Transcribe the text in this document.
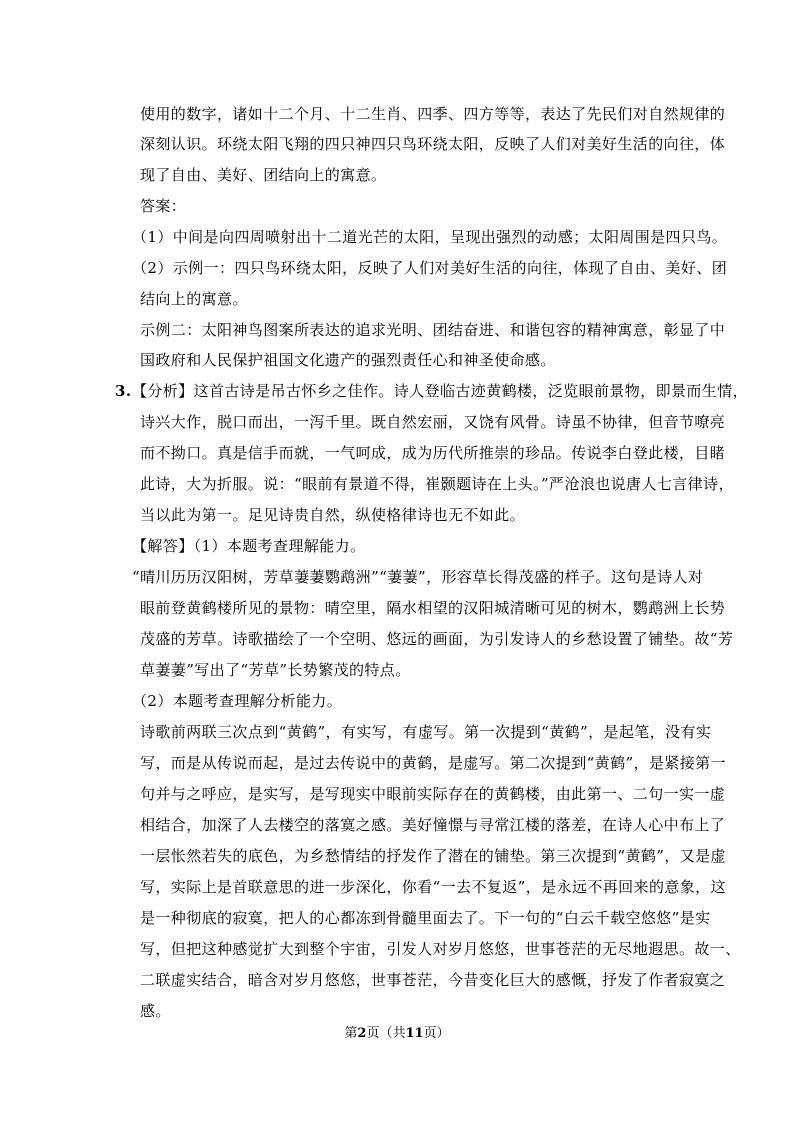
使用的数字，诸如十二个月、十二生肖、四季、四方等等，表达了先民们对自然规律的
深刻认识。环绕太阳飞翔的四只神四只鸟环绕太阳，反映了人们对美好生活的向往，体
现了自由、美好、团结向上的寓意。
答案：
（1）中间是向四周喷射出十二道光芒的太阳，呈现出强烈的动感；太阳周围是四只鸟。
（2）示例一：四只鸟环绕太阳，反映了人们对美好生活的向往，体现了自由、美好、团
结向上的寓意。
示例二：太阳神鸟图案所表达的追求光明、团结奋进、和谐包容的精神寓意，彰显了中
国政府和人民保护祖国文化遗产的强烈责任心和神圣使命感。
3. 【分析】这首古诗是吊古怀乡之佳作。诗人登临古迹黄鹤楼，泛览眼前景物，即景而生情，
诗兴大作，脱口而出，一泻千里。既自然宏丽，又饶有风骨。诗虽不协律，但音节嘹亮
而不拗口。真是信手而就，一气呵成，成为历代所推崇的珍品。传说李白登此楼，目睹
此诗，大为折服。说：“眼前有景道不得，崔颢题诗在上头。”严沧浪也说唐人七言律诗，
当以此为第一。足见诗贵自然，纵使格律诗也无不如此。
【解答】（1）本题考查理解能力。
“晴川历历汉阳树，芳草萋萋鹦鹉洲”“萋萋”，形容草长得茂盛的样子。这句是诗人对
眼前登黄鹤楼所见的景物：晴空里，隔水相望的汉阳城清晰可见的树木，鹦鹉洲上长势
茂盛的芳草。诗歌描绘了一个空明、悠远的画面，为引发诗人的乡愁设置了铺垫。故“芳
草萋萋”写出了“芳草”长势繁茂的特点。
（2）本题考查理解分析能力。
诗歌前两联三次点到“黄鹤”，有实写，有虚写。第一次提到“黄鹤”，是起笔，没有实
写，而是从传说而起，是过去传说中的黄鹤，是虚写。第二次提到“黄鹤”，是紧接第一
句并与之呼应，是实写，是写现实中眼前实际存在的黄鹤楼，由此第一、二句一实一虚
相结合，加深了人去楼空的落寞之感。美好憧憬与寻常江楼的落差，在诗人心中布上了
一层怅然若失的底色，为乡愁情结的抒发作了潜在的铺垫。第三次提到“黄鹤”，又是虚
写，实际上是首联意思的进一步深化，你看“一去不复返”，是永远不再回来的意象，这
是一种彻底的寂寞，把人的心都冻到骨髓里面去了。下一句的“白云千载空悠悠”是实
写，但把这种感觉扩大到整个宇宙，引发人对岁月悠悠，世事苍茫的无尽地遐思。故一、
二联虚实结合，暗含对岁月悠悠，世事苍茫，今昔变化巨大的感慨，抒发了作者寂寞之
感。
第2页（共11页）
